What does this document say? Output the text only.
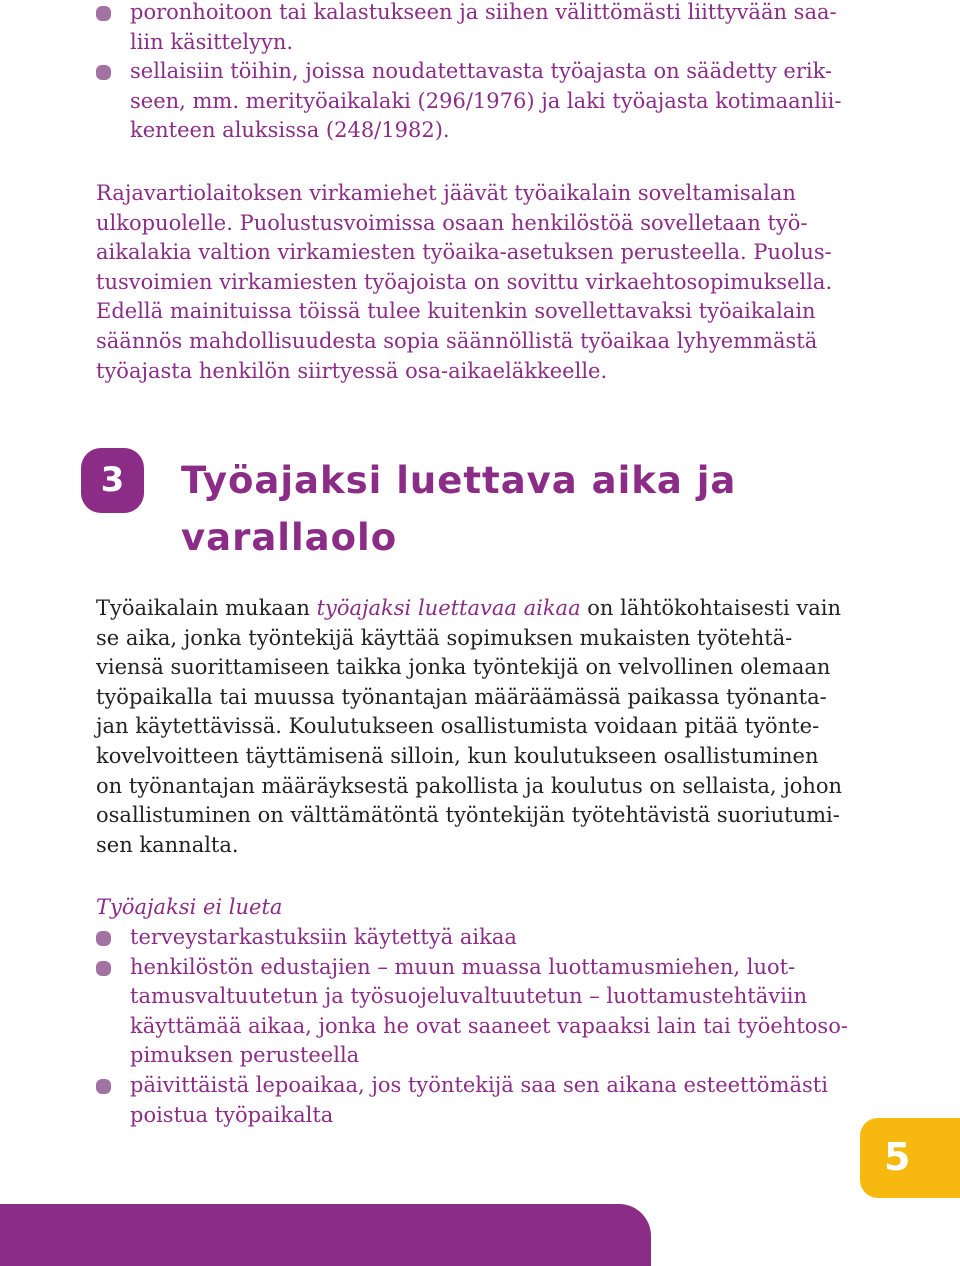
poronhoitoon tai kalastukseen ja siihen välittömästi liittyvään saa-
liin käsittelyyn.
sellaisiin töihin, joissa noudatettavasta työajasta on säädetty erik-
seen, mm. merityöaikalaki (296/1976) ja laki työajasta kotimaanlii-
kenteen aluksissa (248/1982).
Rajavartiolaitoksen virkamiehet jäävät työaikalain soveltamisalan
ulkopuolelle. Puolustusvoimissa osaan henkilöstöä sovelletaan työ-
aikalakia valtion virkamiesten työaika-asetuksen perusteella. Puolus-
tusvoimien virkamiesten työajoista on sovittu virkaehtosopimuksella.
Edellä mainituissa töissä tulee kuitenkin sovellettavaksi työaikalain
säännös mahdollisuudesta sopia säännöllistä työaikaa lyhyemmästä
työajasta henkilön siirtyessä osa-aikaeläkkeelle.
3	Työajaksi luettava aika ja
varallaolo
Työaikalain mukaan työajaksi luettavaa aikaa on lähtökohtaisesti vain
se aika, jonka työntekijä käyttää sopimuksen mukaisten työtehtä-
viensä suorittamiseen taikka jonka työntekijä on velvollinen olemaan
työpaikalla tai muussa työnantajan määräämässä paikassa työnanta-
jan käytettävissä. Koulutukseen osallistumista voidaan pitää työnte-
kovelvoitteen täyttämisenä silloin, kun koulutukseen osallistuminen
on työnantajan määräyksestä pakollista ja koulutus on sellaista, johon
osallistuminen on välttämätöntä työntekijän työtehtävistä suoriutumi-
sen kannalta.
Työajaksi ei lueta
terveystarkastuksiin käytettyä aikaa
henkilöstön edustajien – muun muassa luottamusmiehen, luot-
tamusvaltuutetun ja työsuojeluvaltuutetun – luottamustehtäviin
käyttämää aikaa, jonka he ovat saaneet vapaaksi lain tai työehtoso-
pimuksen perusteella
päivittäistä lepoaikaa, jos työntekijä saa sen aikana esteettömästi
poistua työpaikalta
5
